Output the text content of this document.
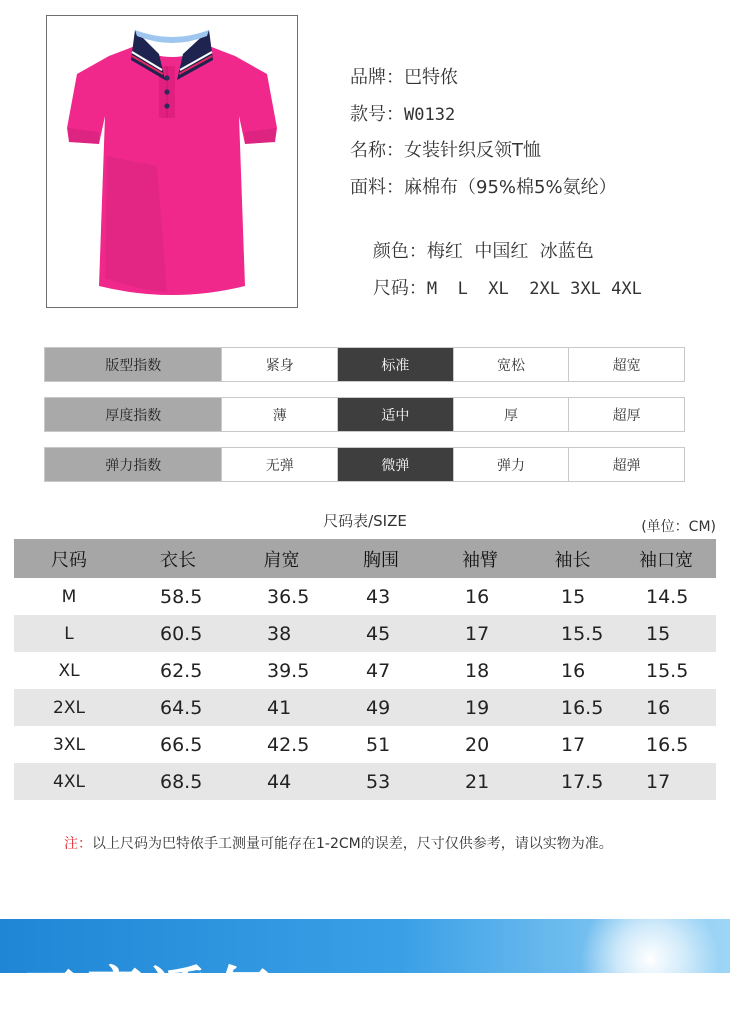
品牌：巴特侬
款号：W0132
名称：女装针织反领T恤
面料：麻棉布（95%棉5%氨纶）

颜色：梅红  中国红  冰蓝色

尺码：M  L  XL  2XL 3XL 4XL

版型指数	紧身	标准	宽松	超宽
厚度指数	薄	适中	厚	超厚
弹力指数	无弹	微弹	弹力	超弹
尺码表/SIZE	(单位：CM)
尺码	衣长	肩宽	胸围	袖臂	袖长	袖口宽
M	58.5	36.5	43	16	15	14.5
L	60.5	38	45	17	15.5	15
XL	62.5	39.5	47	18	16	15.5
2XL	64.5	41	49	19	16.5	16
3XL	66.5	42.5	51	20	17	16.5
4XL	68.5	44	53	21	17.5	17
注：以上尺码为巴特侬手工测量可能存在1-2CM的误差，尺寸仅供参考，请以实物为准。
工率透气
